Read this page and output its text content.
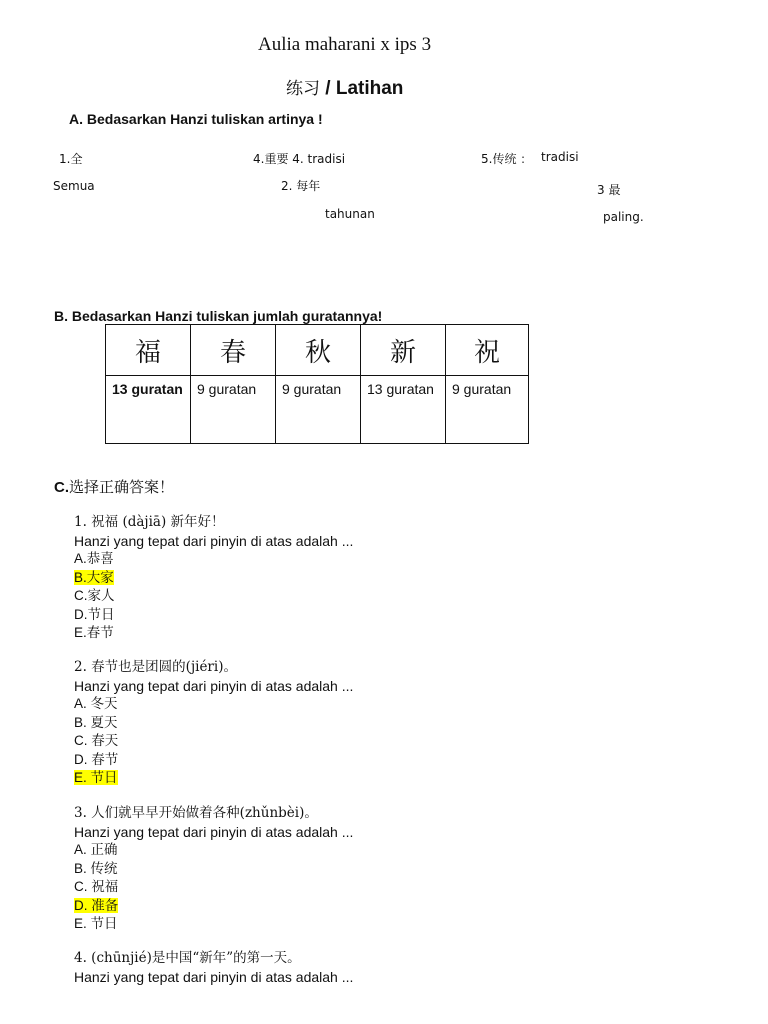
Aulia maharani x ips 3
练习 / Latihan
A. Bedasarkan Hanzi tuliskan artinya !
1.全
Semua
4.重要 4. tradisi	5.传统 ： tradisi
2. 每年
tahunan
3 最
paling.
B. Bedasarkan Hanzi tuliskan jumlah guratannya!
福	春	秋	新	祝
13 guratan	9 guratan	9 guratan	13 guratan	9 guratan
C.选择正确答案！
1. 祝福 (dàjiā) 新年好！
Hanzi yang tepat dari pinyin di atas adalah ...
A.恭喜
B.大家
C.家人
D.节日
E.春节
2. 春节也是团圆的(jiéri)。
Hanzi yang tepat dari pinyin di atas adalah ...
A. 冬天
B. 夏天
C. 春天
D. 春节
E. 节日
3. 人们就早早开始做着各种(zhǔnbèi)。
Hanzi yang tepat dari pinyin di atas adalah ...
A. 正确
B. 传统
C. 祝福
D. 准备
E. 节日
4. (chūnjié)是中国“新年”的第一天。
Hanzi yang tepat dari pinyin di atas adalah ...
